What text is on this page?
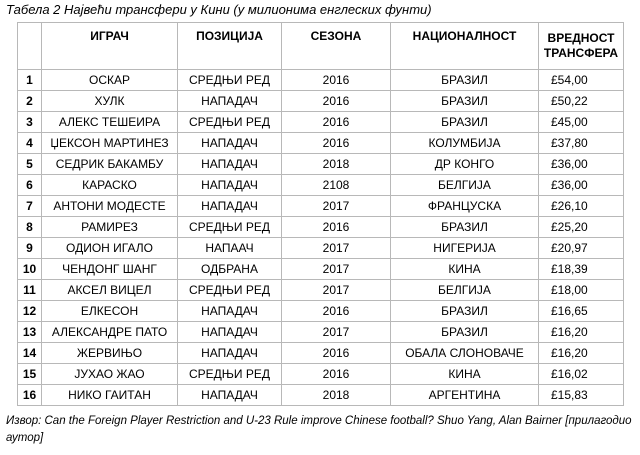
Табела 2 Највећи трансфери у Кини (у милионима енглеских фунти)
	ИГРАЧ	ПОЗИЦИЈА	СЕЗОНА	НАЦИОНАЛНОСТ	ВРЕДНОСТ
ТРАНСФЕРА

1	ОСКАР	СРЕДЊИ РЕД	2016	БРАЗИЛ	£54,00
2	ХУЛК	НАПАДАЧ	2016	БРАЗИЛ	£50,22
3	АЛЕКС ТЕШЕИРА	СРЕДЊИ РЕД	2016	БРАЗИЛ	£45,00
4	ЏЕКСОН МАРТИНЕЗ	НАПАДАЧ	2016	КОЛУМБИЈА	£37,80
5	СЕДРИК БАКАМБУ	НАПАДАЧ	2018	ДР КОНГО	£36,00
6	КАРАСКО	НАПАДАЧ	2108	БЕЛГИЈА	£36,00
7	АНТОНИ МОДЕСТЕ	НАПАДАЧ	2017	ФРАНЦУСКА	£26,10
8	РАМИРЕЗ	СРЕДЊИ РЕД	2016	БРАЗИЛ	£25,20
9	ОДИОН ИГАЛО	НАПААЧ	2017	НИГЕРИЈА	£20,97
10	ЧЕНДОНГ ШАНГ	ОДБРАНА	2017	КИНА	£18,39
11	АКСЕЛ ВИЦЕЛ	СРЕДЊИ РЕД	2017	БЕЛГИЈА	£18,00
12	ЕЛКЕСОН	НАПАДАЧ	2016	БРАЗИЛ	£16,65
13	АЛЕКСАНДРЕ ПАТО	НАПАДАЧ	2017	БРАЗИЛ	£16,20
14	ЖЕРВИЊО	НАПАДАЧ	2016	ОБАЛА СЛОНОВАЧЕ	£16,20
15	ЈУХАО ЖАО	СРЕДЊИ РЕД	2016	КИНА	£16,02
16	НИКО ГАИТАН	НАПАДАЧ	2018	АРГЕНТИНА	£15,83
Извор: Can the Foreign Player Restriction and U-23 Rule improve Chinese football? Shuo Yang, Alan Bairner [прилагодио аутор]
